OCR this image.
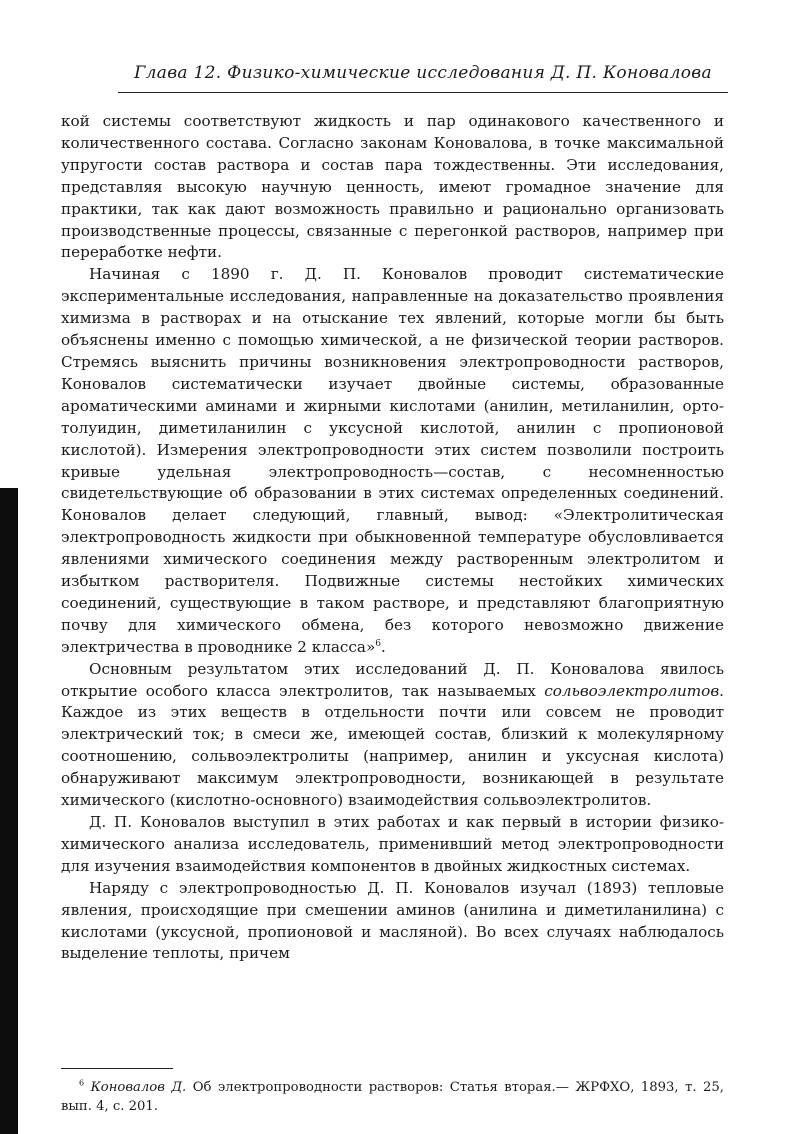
Глава 12. Физико-химические исследования Д. П. Коновалова

кой системы соответствуют жидкость и пар одинакового качественного и количественного состава. Согласно законам Коновалова, в точке максимальной упругости состав раствора и состав пара тождественны. Эти исследования, представляя высокую научную ценность, имеют громадное значение для практики, так как дают возможность правильно и рационально организовать производственные процессы, связанные с перегонкой растворов, например при переработке нефти.

Начиная с 1890 г. Д. П. Коновалов проводит систематические экспериментальные исследования, направленные на доказательство проявления химизма в растворах и на отыскание тех явлений, которые могли бы быть объяснены именно с помощью химической, а не физической теории растворов. Стремясь выяснить причины возникновения электропроводности растворов, Коновалов систематически изучает двойные системы, образованные ароматическими аминами и жирными кислотами (анилин, метиланилин, орто-толуидин, диметиланилин с уксусной кислотой, анилин с пропионовой кислотой). Измерения электропроводности этих систем позволили построить кривые удельная электропроводность—состав, с несомненностью свидетельствующие об образовании в этих системах определенных соединений. Коновалов делает следующий, главный, вывод: «Электролитическая электропроводность жидкости при обыкновенной температуре обусловливается явлениями химического соединения между растворенным электролитом и избытком растворителя. Подвижные системы нестойких химических соединений, существующие в таком растворе, и представляют благоприятную почву для химического обмена, без которого невозможно движение электричества в проводнике 2 класса»$^6$.

Основным результатом этих исследований Д. П. Коновалова явилось открытие особого класса электролитов, так называемых сольвоэлектролитов. Каждое из этих веществ в отдельности почти или совсем не проводит электрический ток; в смеси же, имеющей состав, близкий к молекулярному соотношению, сольвоэлектролиты (например, анилин и уксусная кислота) обнаруживают максимум электропроводности, возникающей в результате химического (кислотно-основного) взаимодействия сольвоэлектролитов.

Д. П. Коновалов выступил в этих работах и как первый в истории физико-химического анализа исследователь, применивший метод электропроводности для изучения взаимодействия компонентов в двойных жидкостных системах.

Наряду с электропроводностью Д. П. Коновалов изучал (1893) тепловые явления, происходящие при смешении аминов (анилина и диметиланилина) с кислотами (уксусной, пропионовой и масляной). Во всех случаях наблюдалось выделение теплоты, причем

$^6$ Коновалов Д. Об электропроводности растворов: Статья вторая.— ЖРФХО, 1893, т. 25, вып. 4, с. 201.
